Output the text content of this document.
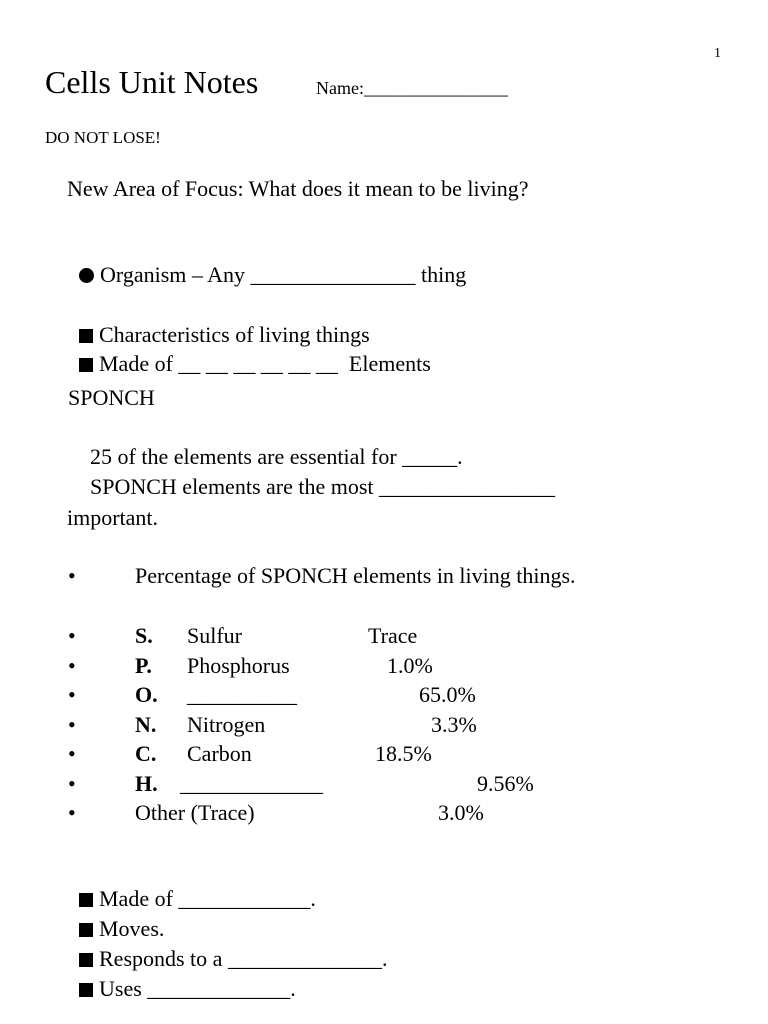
1
Cells Unit Notes	Name:________________
DO NOT LOSE!
New Area of Focus: What does it mean to be living?

Organism – Any _______________ thing

Characteristics of living things

Made of __ __ __ __ __ __  Elements

SPONCH
25 of the elements are essential for _____.
SPONCH elements are the most ________________
important.
•	Percentage of SPONCH elements in living things.
•	S. Sulfur	Trace
•	P. Phosphorus	1.0%
•	O. __________	65.0%
•	N. Nitrogen	3.3%
•	C. Carbon	18.5%
•	H. _____________	9.56%
•	Other (Trace)	3.0%

Made of ____________.

Moves.

Responds to a ______________.

Uses _____________.
